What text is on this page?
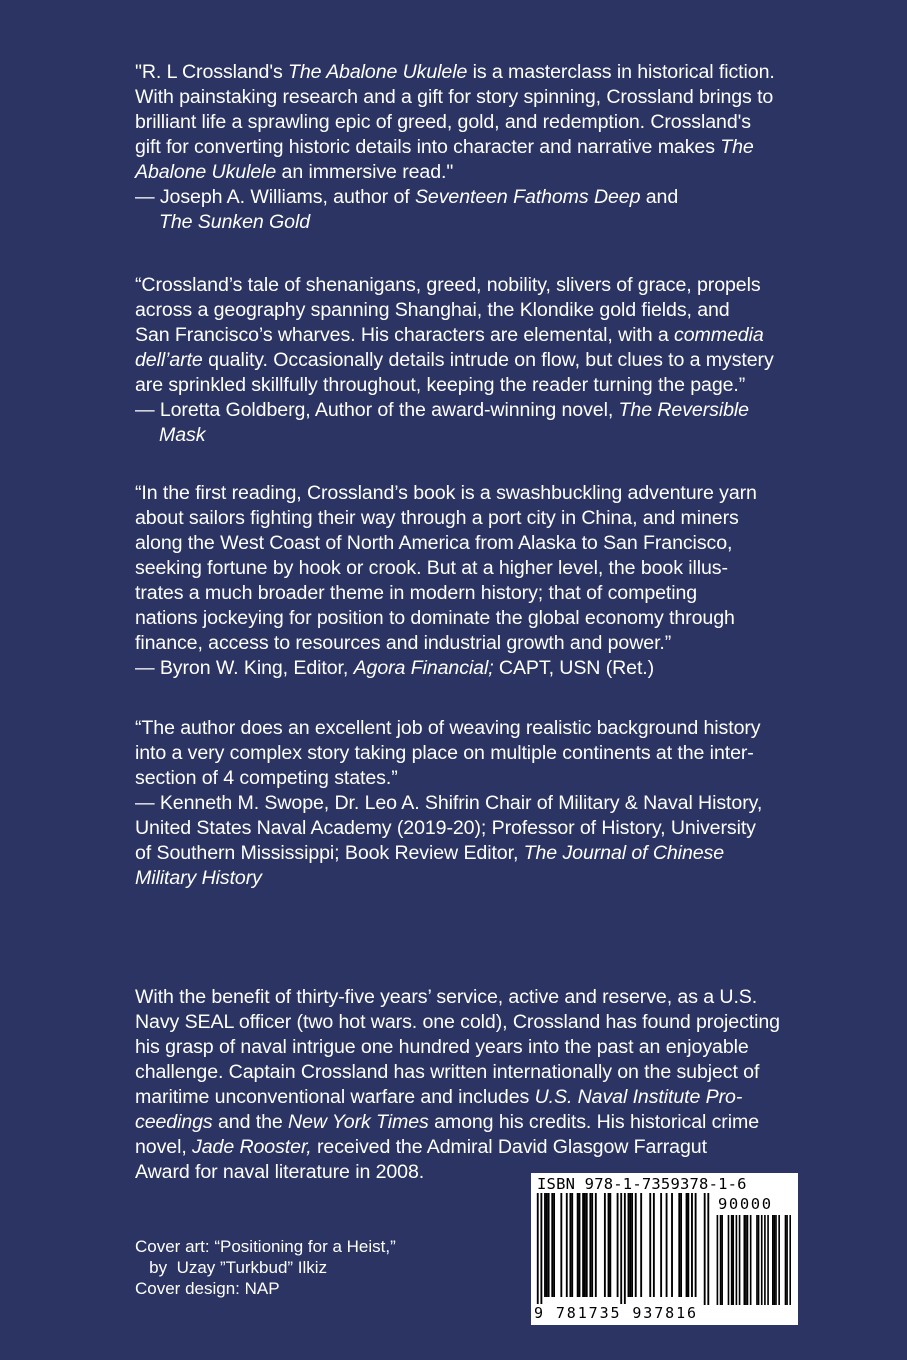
"R. L Crossland's The Abalone Ukulele is a masterclass in historical fiction.
With painstaking research and a gift for story spinning, Crossland brings to
brilliant life a sprawling epic of greed, gold, and redemption. Crossland's
gift for converting historic details into character and narrative makes The
Abalone Ukulele an immersive read."
— Joseph A. Williams, author of Seventeen Fathoms Deep and
The Sunken Gold
“Crossland’s tale of shenanigans, greed, nobility, slivers of grace, propels
across a geography spanning Shanghai, the Klondike gold fields, and
San Francisco’s wharves. His characters are elemental, with a commedia
dell’arte quality. Occasionally details intrude on flow, but clues to a mystery
are sprinkled skillfully throughout, keeping the reader turning the page.”
— Loretta Goldberg, Author of the award-winning novel, The Reversible
Mask
“In the first reading, Crossland’s book is a swashbuckling adventure yarn
about sailors fighting their way through a port city in China, and miners
along the West Coast of North America from Alaska to San Francisco,
seeking fortune by hook or crook. But at a higher level, the book illus-
trates a much broader theme in modern history; that of competing
nations jockeying for position to dominate the global economy through
finance, access to resources and industrial growth and power.”
— Byron W. King, Editor, Agora Financial; CAPT, USN (Ret.)
“The author does an excellent job of weaving realistic background history
into a very complex story taking place on multiple continents at the inter-
section of 4 competing states.”
— Kenneth M. Swope, Dr. Leo A. Shifrin Chair of Military & Naval History,
United States Naval Academy (2019-20); Professor of History, University
of Southern Mississippi; Book Review Editor, The Journal of Chinese
Military History
With the benefit of thirty-five years’ service, active and reserve, as a U.S.
Navy SEAL officer (two hot wars. one cold), Crossland has found projecting
his grasp of naval intrigue one hundred years into the past an enjoyable
challenge. Captain Crossland has written internationally on the subject of
maritime unconventional warfare and includes U.S. Naval Institute Pro-
ceedings and the New York Times among his credits. His historical crime
novel, Jade Rooster, received the Admiral David Glasgow Farragut
Award for naval literature in 2008.
Cover art: “Positioning for a Heist,”
by  Uzay ”Turkbud” Ilkiz
Cover design: NAP
ISBN 978-1-7359378-1-6
90000
9 781735 937816
